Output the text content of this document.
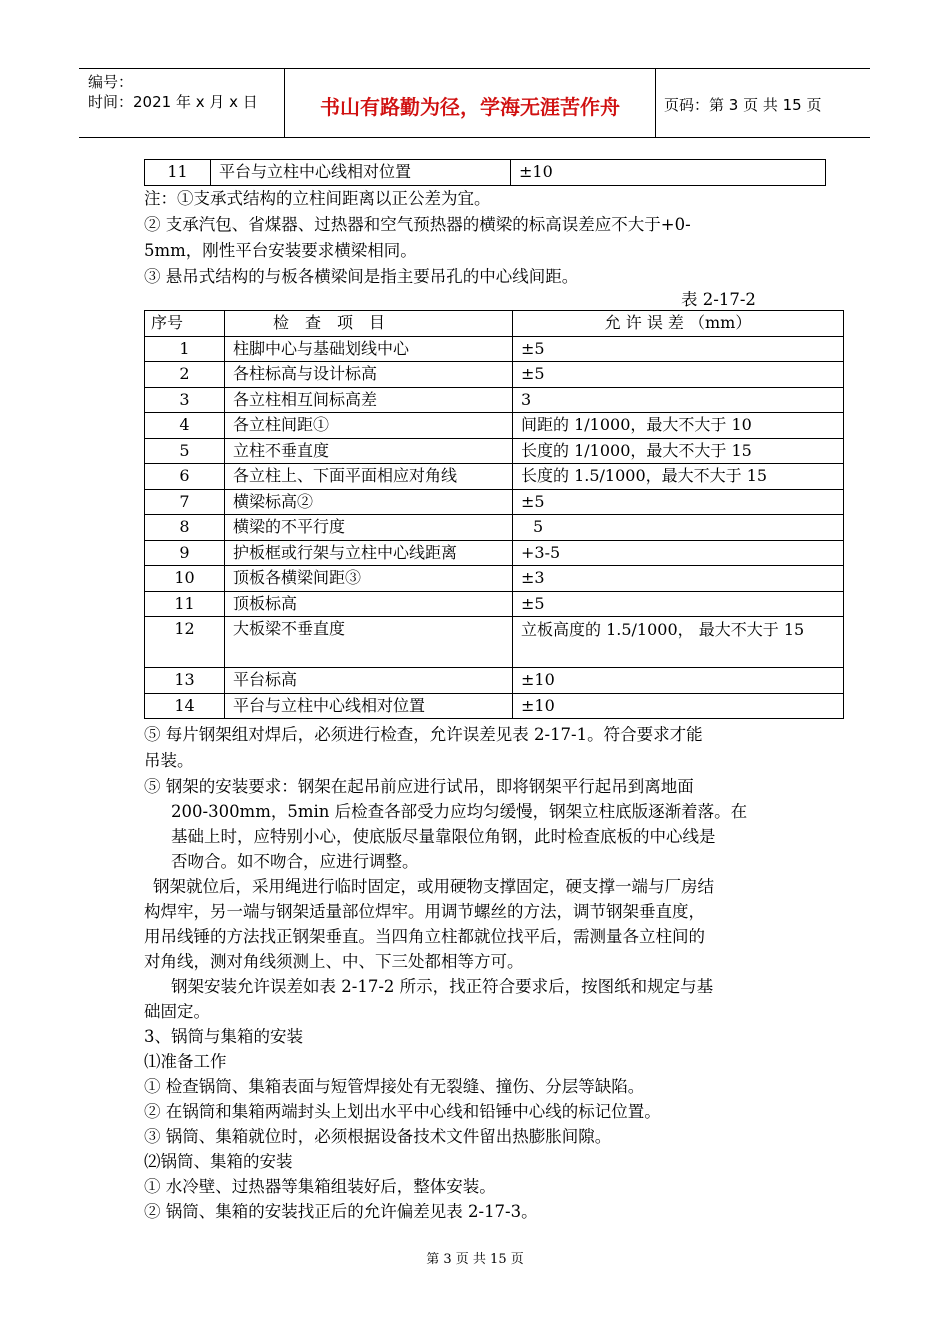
编号：
时间：2021 年 x 月 x 日	书山有路勤为径，学海无涯苦作舟	页码：第 3 页 共 15 页
11	平台与立柱中心线相对位置	±10
注：①支承式结构的立柱间距离以正公差为宜。
② 支承汽包、省煤器、过热器和空气预热器的横梁的标高误差应不大于+0-
5mm，刚性平台安装要求横梁相同。
③ 悬吊式结构的与板各横梁间是指主要吊孔的中心线间距。
表 2-17-2
序号	检　查　项　目	允 许 误 差 （mm）
1	柱脚中心与基础划线中心	±5
2	各柱标高与设计标高	±5
3	各立柱相互间标高差	3
4	各立柱间距①	间距的 1/1000，最大不大于 10
5	立柱不垂直度	长度的 1/1000，最大不大于 15
6	各立柱上、下面平面相应对角线	长度的 1.5/1000，最大不大于 15
7	横梁标高②	±5
8	横梁的不平行度	5
9	护板框或行架与立柱中心线距离	+3-5
10	顶板各横梁间距③	±3
11	顶板标高	±5
12	大板梁不垂直度	立板高度的 1.5/1000， 最大不大于 15
13	平台标高	±10
14	平台与立柱中心线相对位置	±10
⑤ 每片钢架组对焊后，必须进行检查，允许误差见表 2-17-1。符合要求才能
吊装。
⑤ 钢架的安装要求：钢架在起吊前应进行试吊，即将钢架平行起吊到离地面
200-300mm，5min 后检查各部受力应均匀缓慢，钢架立柱底版逐渐着落。在
基础上时，应特别小心，使底版尽量靠限位角钢，此时检查底板的中心线是
否吻合。如不吻合，应进行调整。
钢架就位后，采用绳进行临时固定，或用硬物支撑固定，硬支撑一端与厂房结
构焊牢，另一端与钢架适量部位焊牢。用调节螺丝的方法，调节钢架垂直度，
用吊线锤的方法找正钢架垂直。当四角立柱都就位找平后，需测量各立柱间的
对角线，测对角线须测上、中、下三处都相等方可。
钢架安装允许误差如表 2-17-2 所示，找正符合要求后，按图纸和规定与基
础固定。
3、锅筒与集箱的安装
⑴准备工作
① 检查锅筒、集箱表面与短管焊接处有无裂缝、撞伤、分层等缺陷。
② 在锅筒和集箱两端封头上划出水平中心线和铅锤中心线的标记位置。
③ 锅筒、集箱就位时，必须根据设备技术文件留出热膨胀间隙。
⑵锅筒、集箱的安装
① 水冷壁、过热器等集箱组装好后，整体安装。
② 锅筒、集箱的安装找正后的允许偏差见表 2-17-3。
第 3 页 共 15 页
